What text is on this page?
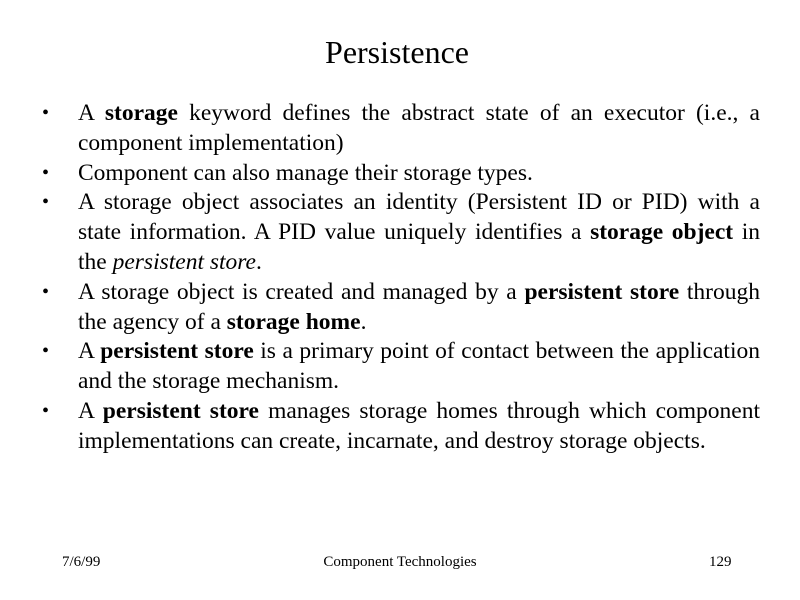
Persistence
• A storage keyword defines the abstract state of an executor (i.e., a component implementation)
• Component can also manage their storage types.
• A storage object associates an identity (Persistent ID or PID) with a state information. A PID value uniquely identifies a storage object in the persistent store.
• A storage object is created and managed by a persistent store through the agency of a storage home.
• A persistent store is a primary point of contact between the application and the storage mechanism.
• A persistent store manages storage homes through which component implementations can create, incarnate, and destroy storage objects.
7/6/99	Component Technologies	129
